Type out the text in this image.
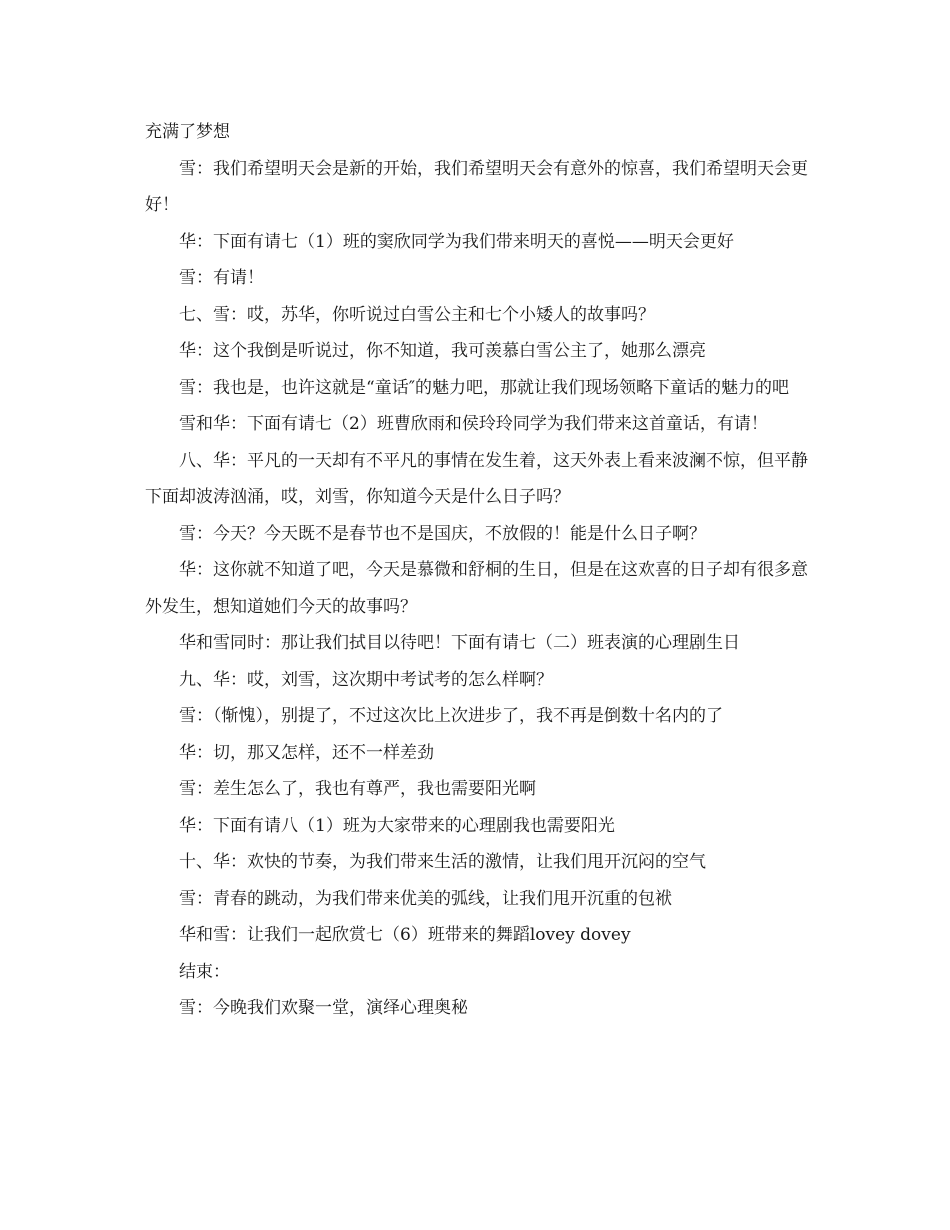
充满了梦想

雪：我们希望明天会是新的开始，我们希望明天会有意外的惊喜，我们希望明天会更好！

华：下面有请七（1）班的窦欣同学为我们带来明天的喜悦——明天会更好

雪：有请！

七、雪：哎，苏华，你听说过白雪公主和七个小矮人的故事吗？

华：这个我倒是听说过，你不知道，我可羡慕白雪公主了，她那么漂亮

雪：我也是，也许这就是“童话″的魅力吧，那就让我们现场领略下童话的魅力的吧

雪和华：下面有请七（2）班曹欣雨和侯玲玲同学为我们带来这首童话，有请！

八、华：平凡的一天却有不平凡的事情在发生着，这天外表上看来波澜不惊，但平静下面却波涛汹涌，哎，刘雪，你知道今天是什么日子吗？

雪：今天？今天既不是春节也不是国庆，不放假的！能是什么日子啊？

华：这你就不知道了吧，今天是慕微和舒桐的生日，但是在这欢喜的日子却有很多意外发生，想知道她们今天的故事吗？

华和雪同时：那让我们拭目以待吧！下面有请七（二）班表演的心理剧生日

九、华：哎，刘雪，这次期中考试考的怎么样啊？

雪：（惭愧），别提了，不过这次比上次进步了，我不再是倒数十名内的了

华：切，那又怎样，还不一样差劲

雪：差生怎么了，我也有尊严，我也需要阳光啊

华：下面有请八（1）班为大家带来的心理剧我也需要阳光

十、华：欢快的节奏，为我们带来生活的激情，让我们甩开沉闷的空气

雪：青春的跳动，为我们带来优美的弧线，让我们甩开沉重的包袱

华和雪：让我们一起欣赏七（6）班带来的舞蹈lovey dovey

结束：

雪：今晚我们欢聚一堂，演绎心理奥秘
